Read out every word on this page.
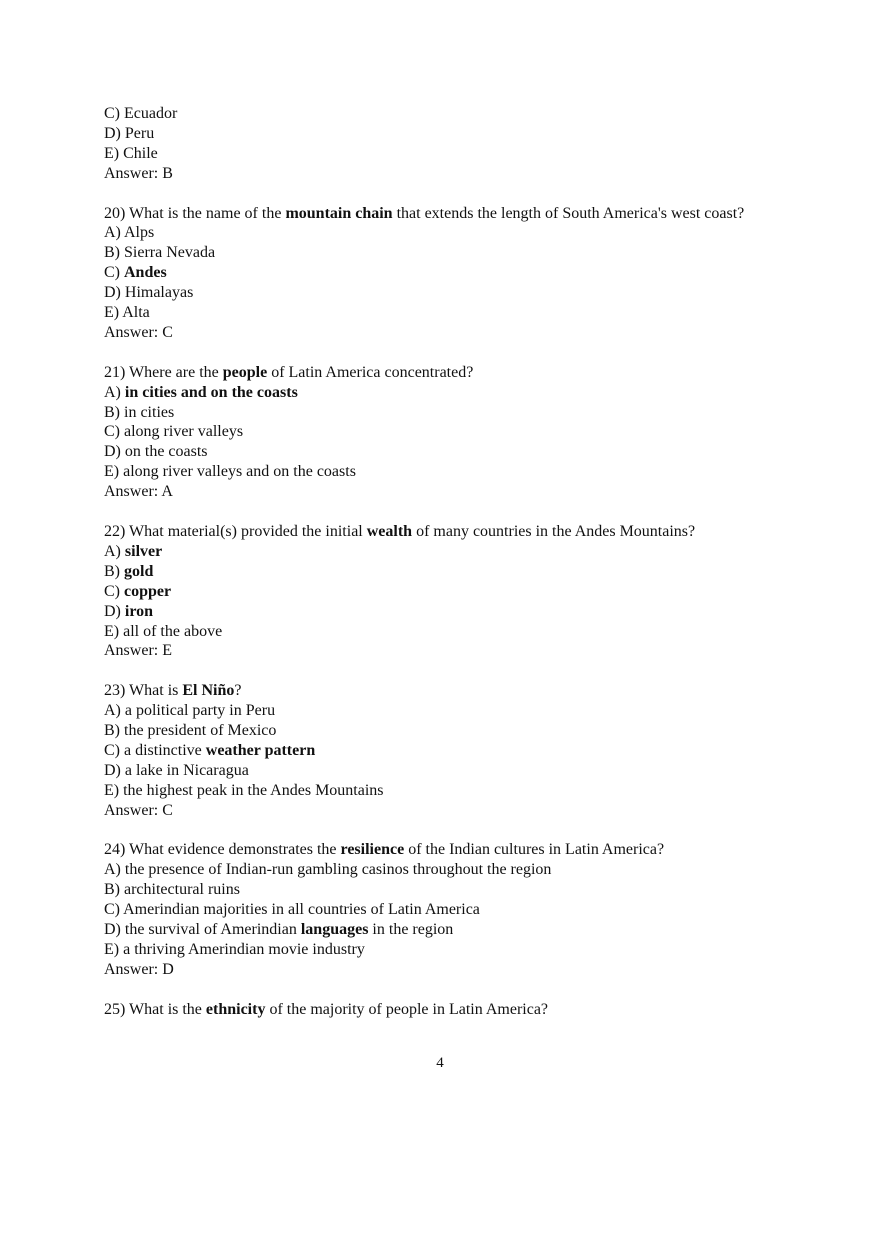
C) Ecuador
D) Peru
E) Chile
Answer: B
20) What is the name of the mountain chain that extends the length of South America's west coast?
A) Alps
B) Sierra Nevada
C) Andes
D) Himalayas
E) Alta
Answer: C
21) Where are the people of Latin America concentrated?
A) in cities and on the coasts
B) in cities
C) along river valleys
D) on the coasts
E) along river valleys and on the coasts
Answer: A
22) What material(s) provided the initial wealth of many countries in the Andes Mountains?
A) silver
B) gold
C) copper
D) iron
E) all of the above
Answer: E
23) What is El Niño?
A) a political party in Peru
B) the president of Mexico
C) a distinctive weather pattern
D) a lake in Nicaragua
E) the highest peak in the Andes Mountains
Answer: C
24) What evidence demonstrates the resilience of the Indian cultures in Latin America?
A) the presence of Indian-run gambling casinos throughout the region
B) architectural ruins
C) Amerindian majorities in all countries of Latin America
D) the survival of Amerindian languages in the region
E) a thriving Amerindian movie industry
Answer: D
25) What is the ethnicity of the majority of people in Latin America?
4
